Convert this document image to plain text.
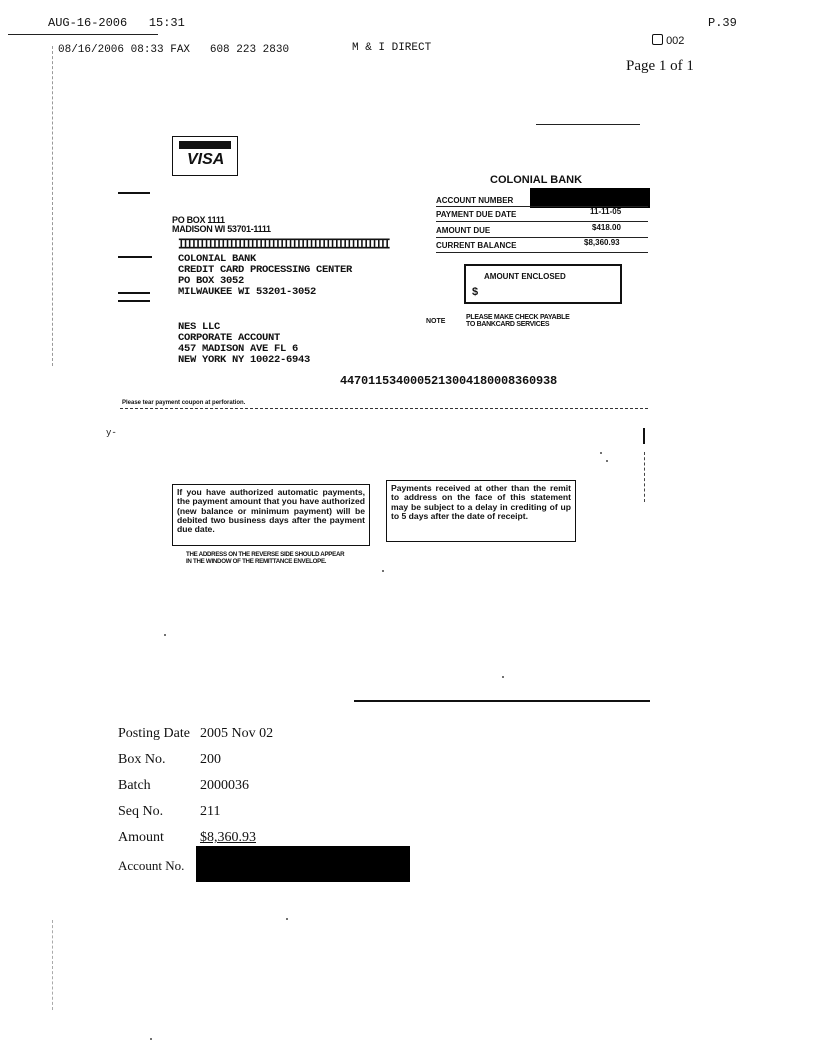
AUG-16-2006 15:31	P.39
08/16/2006 08:33 FAX 608 223 2830	M & I DIRECT
002
Page 1 of 1
VISA
PO BOX 1111
MADISON WI 53701-1111
IIIIIIIIIIIIIIIIIIIIIIIIIIIIIIIIIIIIIIIIIIIIIIIIII
COLONIAL BANK
CREDIT CARD PROCESSING CENTER
PO BOX 3052
MILWAUKEE WI 53201-3052
NES LLC
CORPORATE ACCOUNT
457 MADISON AVE FL 6
NEW YORK NY 10022-6943
COLONIAL BANK
ACCOUNT NUMBER
PAYMENT DUE DATE	11-11-05
AMOUNT DUE	$418.00
CURRENT BALANCE	$8,360.93
AMOUNT ENCLOSED
$
NOTE
PLEASE MAKE CHECK PAYABLE
TO BANKCARD SERVICES
4470115340005213004180008360938
Please tear payment coupon at perforation.
y-
If you have authorized automatic payments, the payment amount that you have authorized (new balance or minimum payment) will be debited two business days after the payment due date.
Payments received at other than the remit to address on the face of this statement may be subject to a delay in crediting of up to 5 days after the date of receipt.
THE ADDRESS ON THE REVERSE SIDE SHOULD APPEAR
IN THE WINDOW OF THE REMITTANCE ENVELOPE.
Posting Date 2005 Nov 02
Box No. 200
Batch	2000036
Seq No.	211
Amount	$8,360.93
Account No.
